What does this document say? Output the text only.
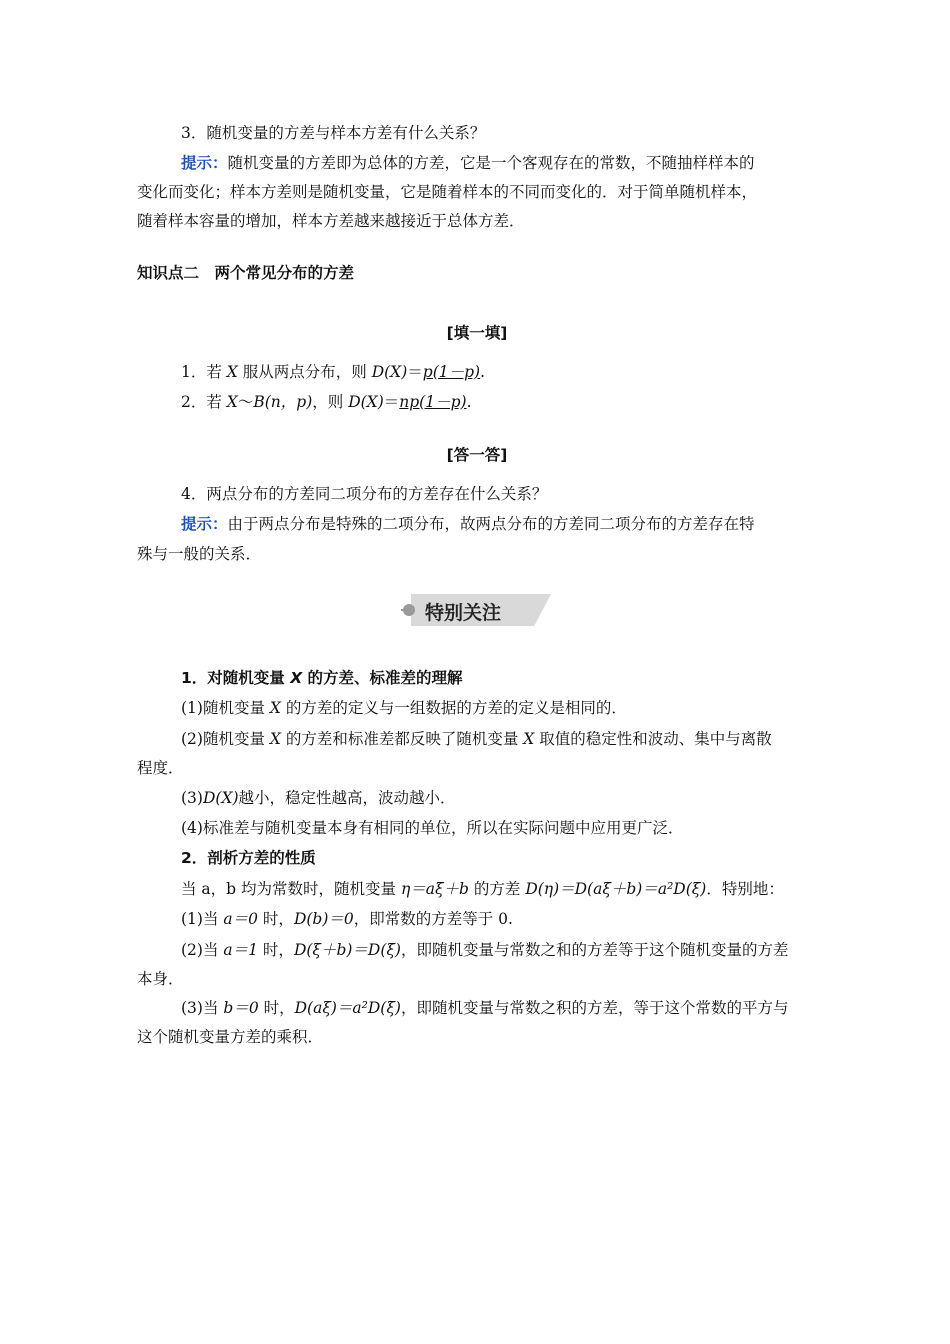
3．随机变量的方差与样本方差有什么关系？
提示：随机变量的方差即为总体的方差，它是一个客观存在的常数，不随抽样样本的
变化而变化；样本方差则是随机变量，它是随着样本的不同而变化的．对于简单随机样本，
随着样本容量的增加，样本方差越来越接近于总体方差．
知识点二　两个常见分布的方差
[填一填]
1．若 X 服从两点分布，则 D(X)＝p(1－p).
2．若 X～B(n，p)，则 D(X)＝np(1－p).
[答一答]
4．两点分布的方差同二项分布的方差存在什么关系？
提示：由于两点分布是特殊的二项分布，故两点分布的方差同二项分布的方差存在特
殊与一般的关系．
特别关注
1．对随机变量 X 的方差、标准差的理解
(1)随机变量 X 的方差的定义与一组数据的方差的定义是相同的．
(2)随机变量 X 的方差和标准差都反映了随机变量 X 取值的稳定性和波动、集中与离散
程度．
(3)D(X)越小，稳定性越高，波动越小．
(4)标准差与随机变量本身有相同的单位，所以在实际问题中应用更广泛．
2．剖析方差的性质
当 a，b 均为常数时，随机变量 η＝aξ＋b 的方差 D(η)＝D(aξ＋b)＝a²D(ξ)．特别地：
(1)当 a＝0 时，D(b)＝0，即常数的方差等于 0.
(2)当 a＝1 时，D(ξ＋b)＝D(ξ)，即随机变量与常数之和的方差等于这个随机变量的方差
本身．
(3)当 b＝0 时，D(aξ)＝a²D(ξ)，即随机变量与常数之积的方差，等于这个常数的平方与
这个随机变量方差的乘积．
